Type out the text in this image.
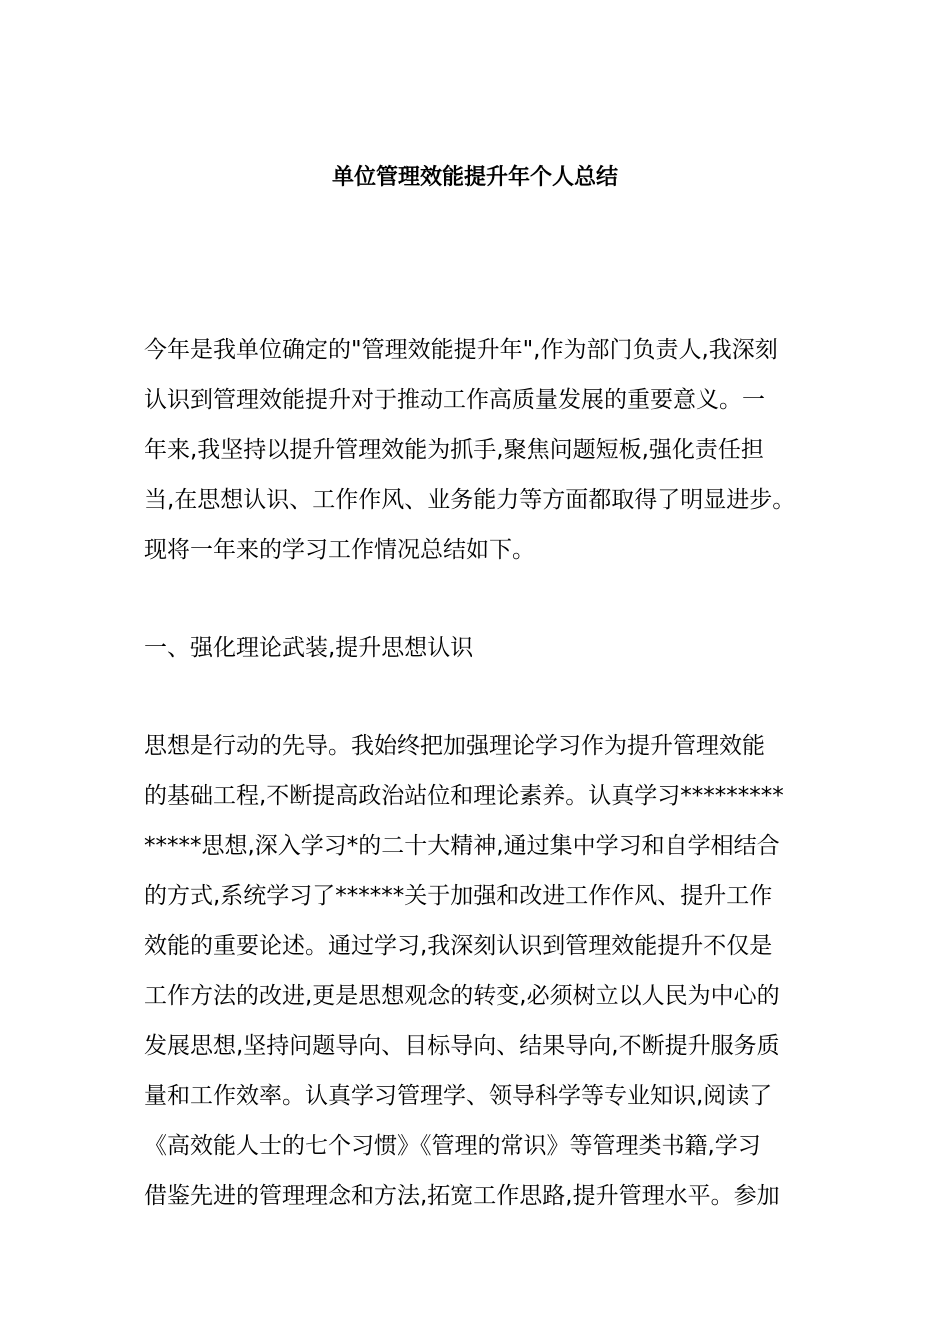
单位管理效能提升年个人总结
今年是我单位确定的"管理效能提升年",作为部门负责人,我深刻
认识到管理效能提升对于推动工作高质量发展的重要意义。一
年来,我坚持以提升管理效能为抓手,聚焦问题短板,强化责任担
当,在思想认识、工作作风、业务能力等方面都取得了明显进步。
现将一年来的学习工作情况总结如下。
一、强化理论武装,提升思想认识
思想是行动的先导。我始终把加强理论学习作为提升管理效能
的基础工程,不断提高政治站位和理论素养。认真学习*********
*****思想,深入学习*的二十大精神,通过集中学习和自学相结合
的方式,系统学习了******关于加强和改进工作作风、提升工作
效能的重要论述。通过学习,我深刻认识到管理效能提升不仅是
工作方法的改进,更是思想观念的转变,必须树立以人民为中心的
发展思想,坚持问题导向、目标导向、结果导向,不断提升服务质
量和工作效率。认真学习管理学、领导科学等专业知识,阅读了
《高效能人士的七个习惯》《管理的常识》等管理类书籍,学习
借鉴先进的管理理念和方法,拓宽工作思路,提升管理水平。参加
